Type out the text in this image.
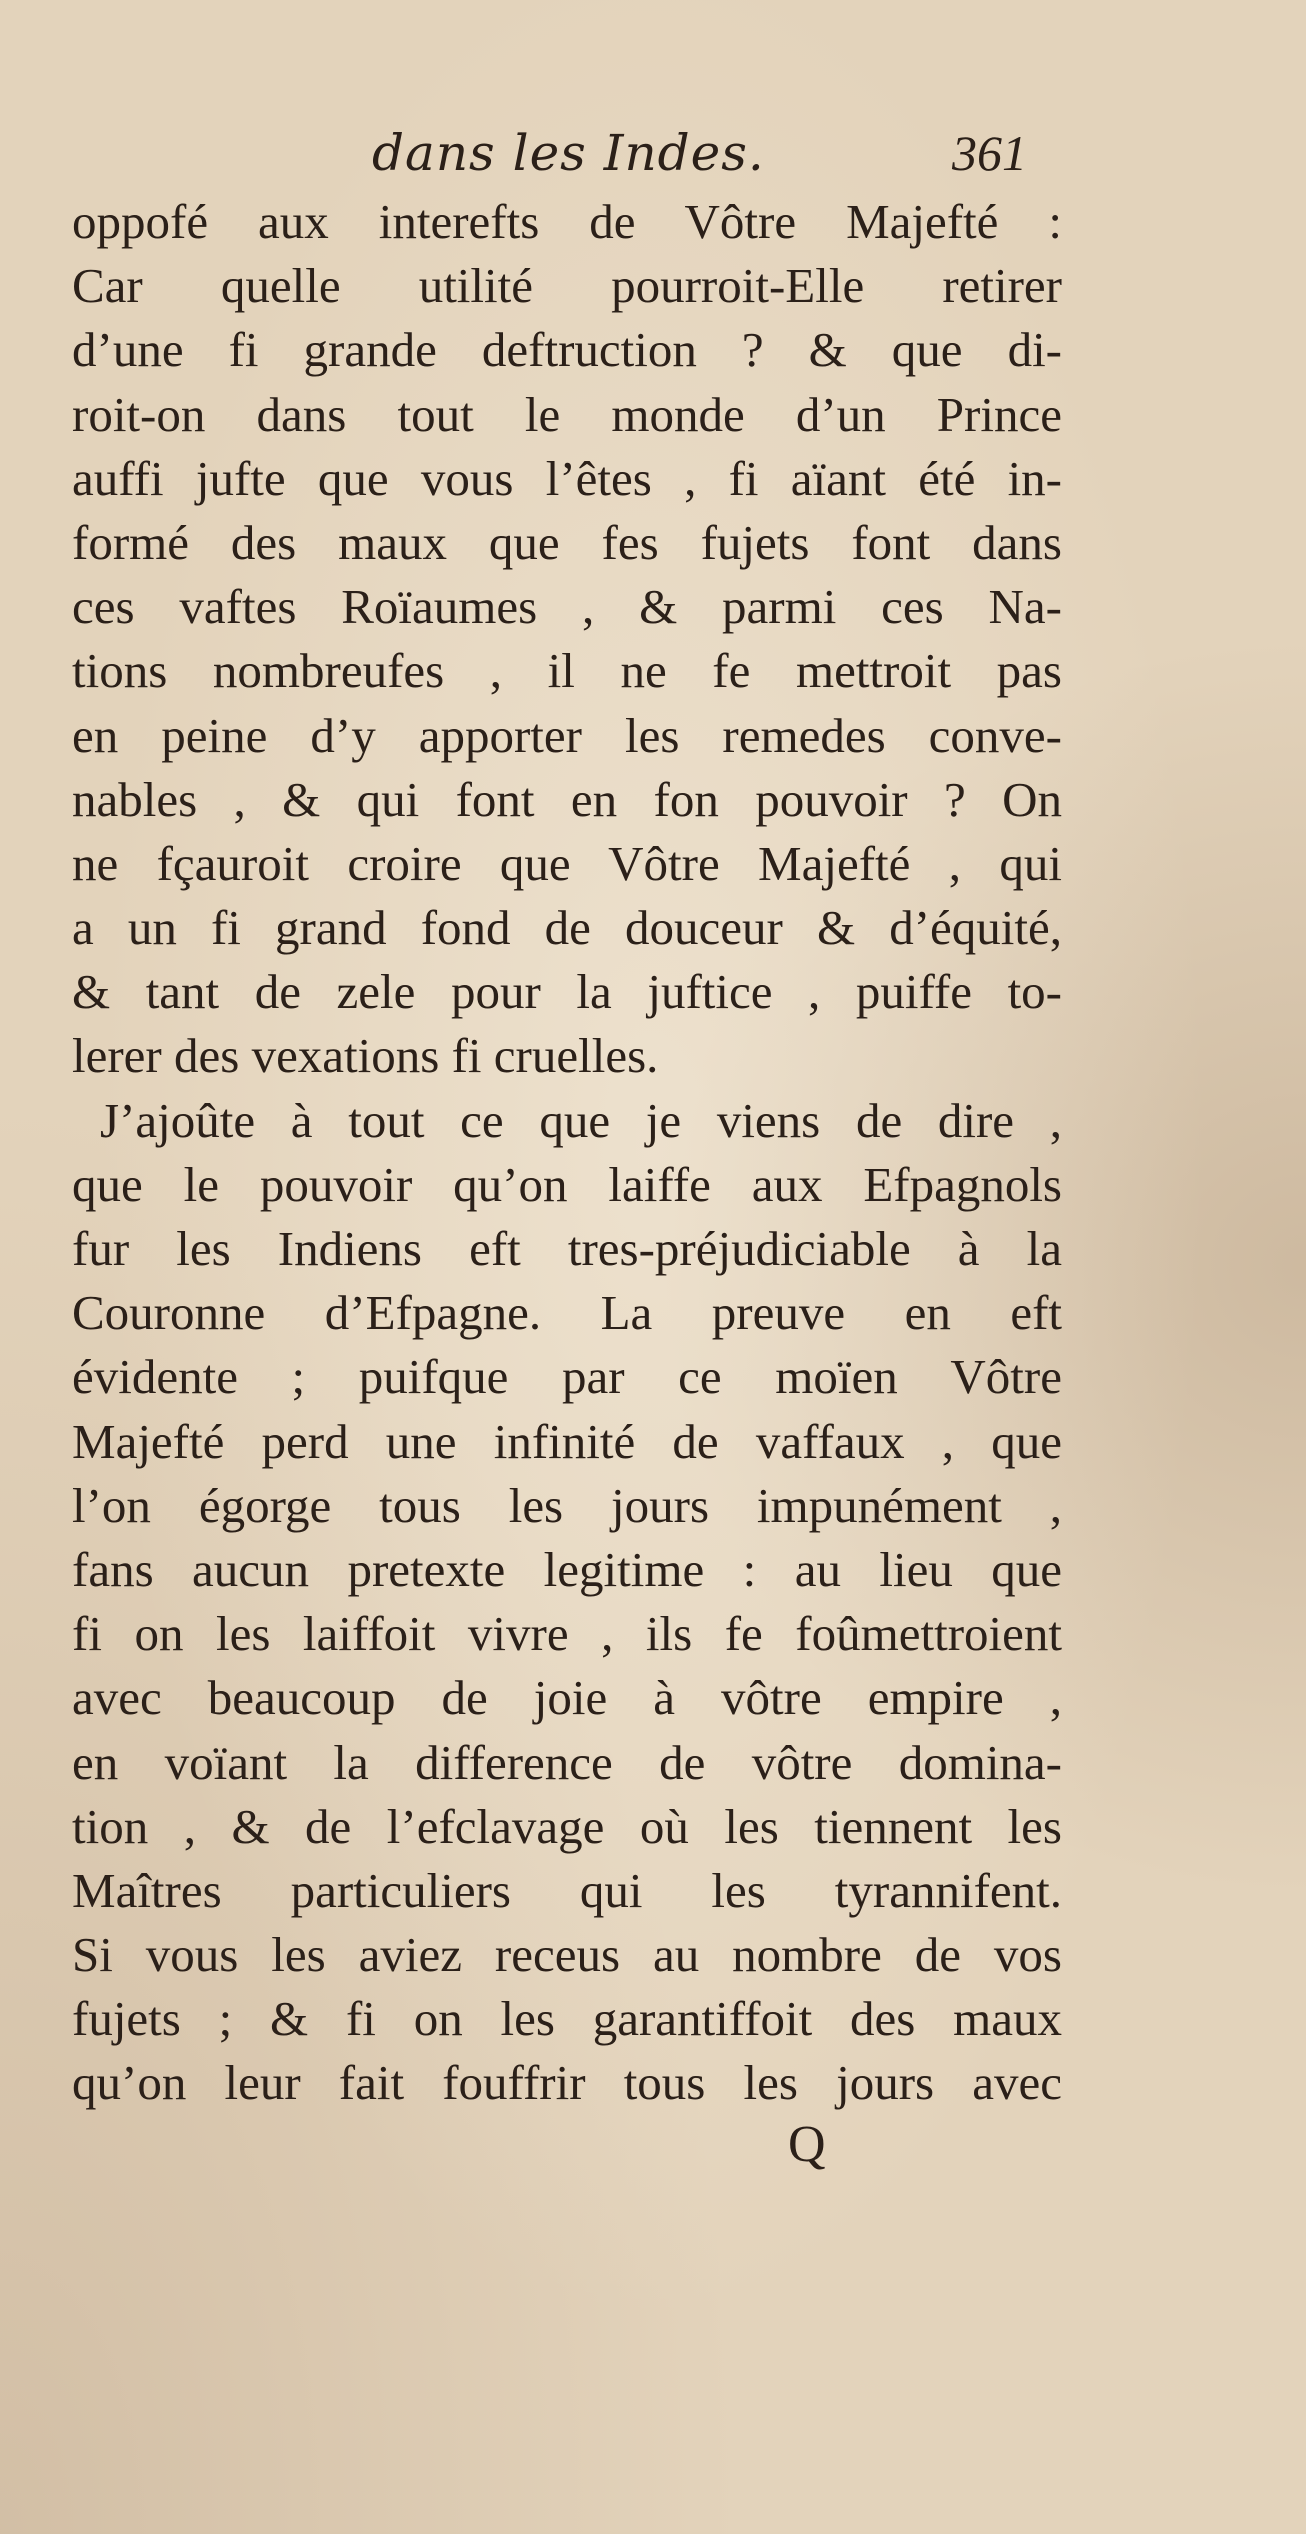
dans les Indes.	361
oppofé aux interefts de Vôtre Majefté :
Car quelle utilité pourroit-Elle retirer
d’une fi grande deftruction ? & que di-
roit-on dans tout le monde d’un Prince
auffi jufte que vous l’êtes , fi aïant été in-
formé des maux que fes fujets font dans
ces vaftes Roïaumes , & parmi ces Na-
tions nombreufes , il ne fe mettroit pas
en peine d’y apporter les remedes conve-
nables , & qui font en fon pouvoir ? On
ne fçauroit croire que Vôtre Majefté , qui
a un fi grand fond de douceur & d’équité,
& tant de zele pour la juftice , puiffe to-
lerer des vexations fi cruelles.
J’ajoûte à tout ce que je viens de dire ,
que le pouvoir qu’on laiffe aux Efpagnols
fur les Indiens eft tres-préjudiciable à la
Couronne d’Efpagne. La preuve en eft
évidente ; puifque par ce moïen Vôtre
Majefté perd une infinité de vaffaux , que
l’on égorge tous les jours impunément ,
fans aucun pretexte legitime : au lieu que
fi on les laiffoit vivre , ils fe foûmettroient
avec beaucoup de joie à vôtre empire ,
en voïant la difference de vôtre domina-
tion , & de l’efclavage où les tiennent les
Maîtres particuliers qui les tyrannifent.
Si vous les aviez receus au nombre de vos
fujets ; & fi on les garantiffoit des maux
qu’on leur fait fouffrir tous les jours avec
Q
